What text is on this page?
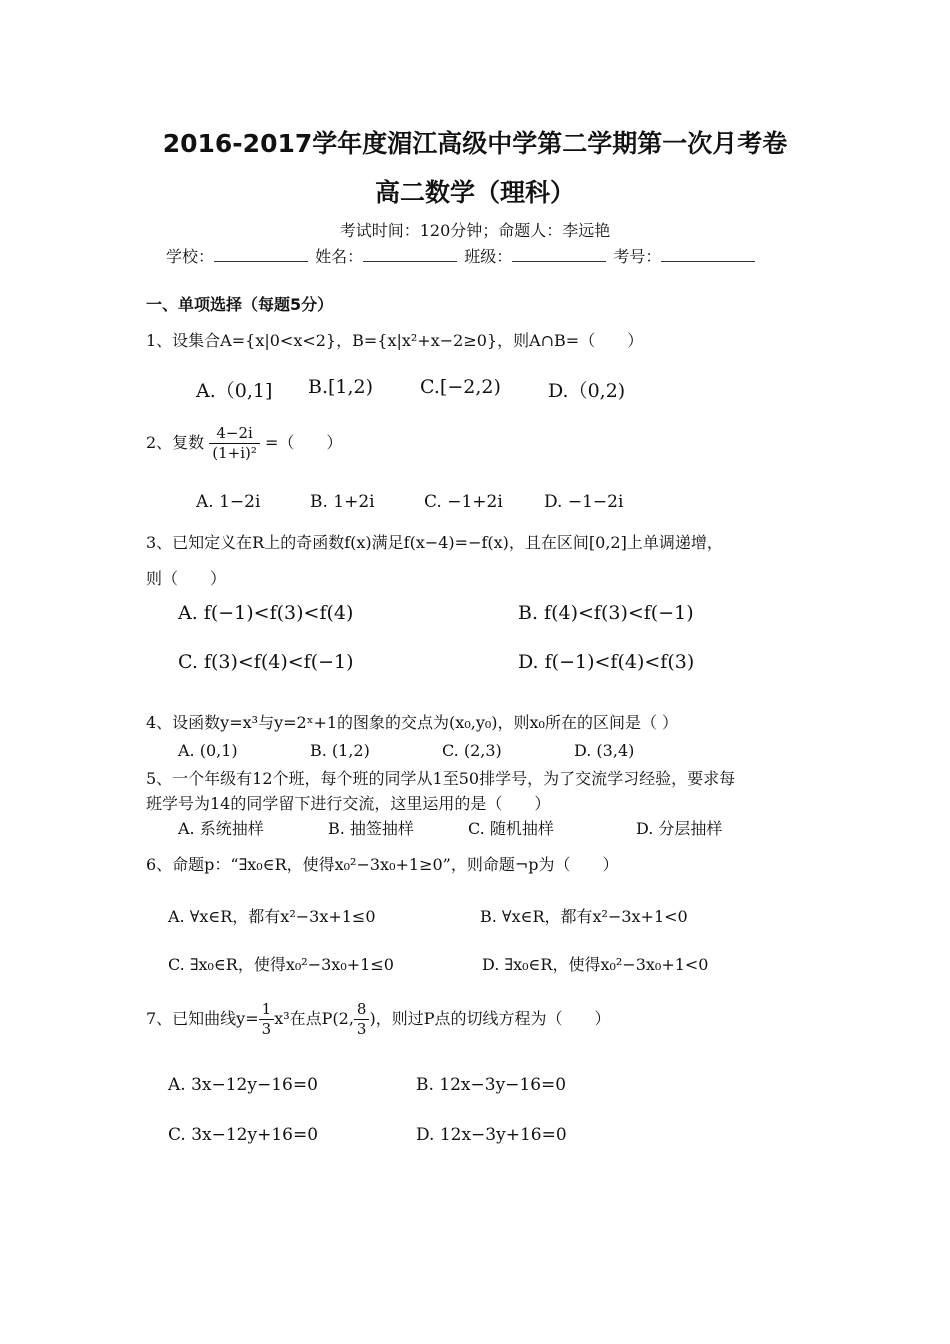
2016-2017学年度湄江高级中学第二学期第一次月考卷
高二数学（理科）
考试时间：120分钟；命题人：李远艳
学校：	姓名：	班级：	考号：
一、单项选择（每题5分）
1、设集合A={x|0<x<2}，B={x|x²+x−2≥0}，则A∩B=（　　）
A.（0,1] B.[1,2) C.[−2,2) D.（0,2)
2、复数 $\frac{4-2i}{\text{(1+i)²}}$ =（　　）
A. 1−2i	B. 1+2i	C. −1+2i D. −1−2i
3、已知定义在R上的奇函数f(x)满足f(x−4)=−f(x)，且在区间[0,2]上单调递增，
则（　　）
A. f(−1)<f(3)<f(4)	B. f(4)<f(3)<f(−1)
C. f(3)<f(4)<f(−1)	D. f(−1)<f(4)<f(3)
4、设函数y=x³与y=2ˣ+1的图象的交点为(x₀,y₀)，则x₀所在的区间是（ ）
A. (0,1)	B. (1,2)	C. (2,3)	D. (3,4)
5、一个年级有12个班，每个班的同学从1至50排学号，为了交流学习经验，要求每
班学号为14的同学留下进行交流，这里运用的是（　　）
A. 系统抽样	B. 抽签抽样	C. 随机抽样	D. 分层抽样
6、命题p：“∃x₀∈R，使得x₀²−3x₀+1≥0”，则命题¬p为（　　）
A. ∀x∈R，都有x²−3x+1≤0	B. ∀x∈R，都有x²−3x+1<0
C. ∃x₀∈R，使得x₀²−3x₀+1≤0	D. ∃x₀∈R，使得x₀²−3x₀+1<0
7、已知曲线$y= \frac{1}{3} x^3$在点P(2, $\frac{8}{3}$ )，则过P点的切线方程为（　　）
A. 3x−12y−16=0	B. 12x−3y−16=0
C. 3x−12y+16=0	D. 12x−3y+16=0
